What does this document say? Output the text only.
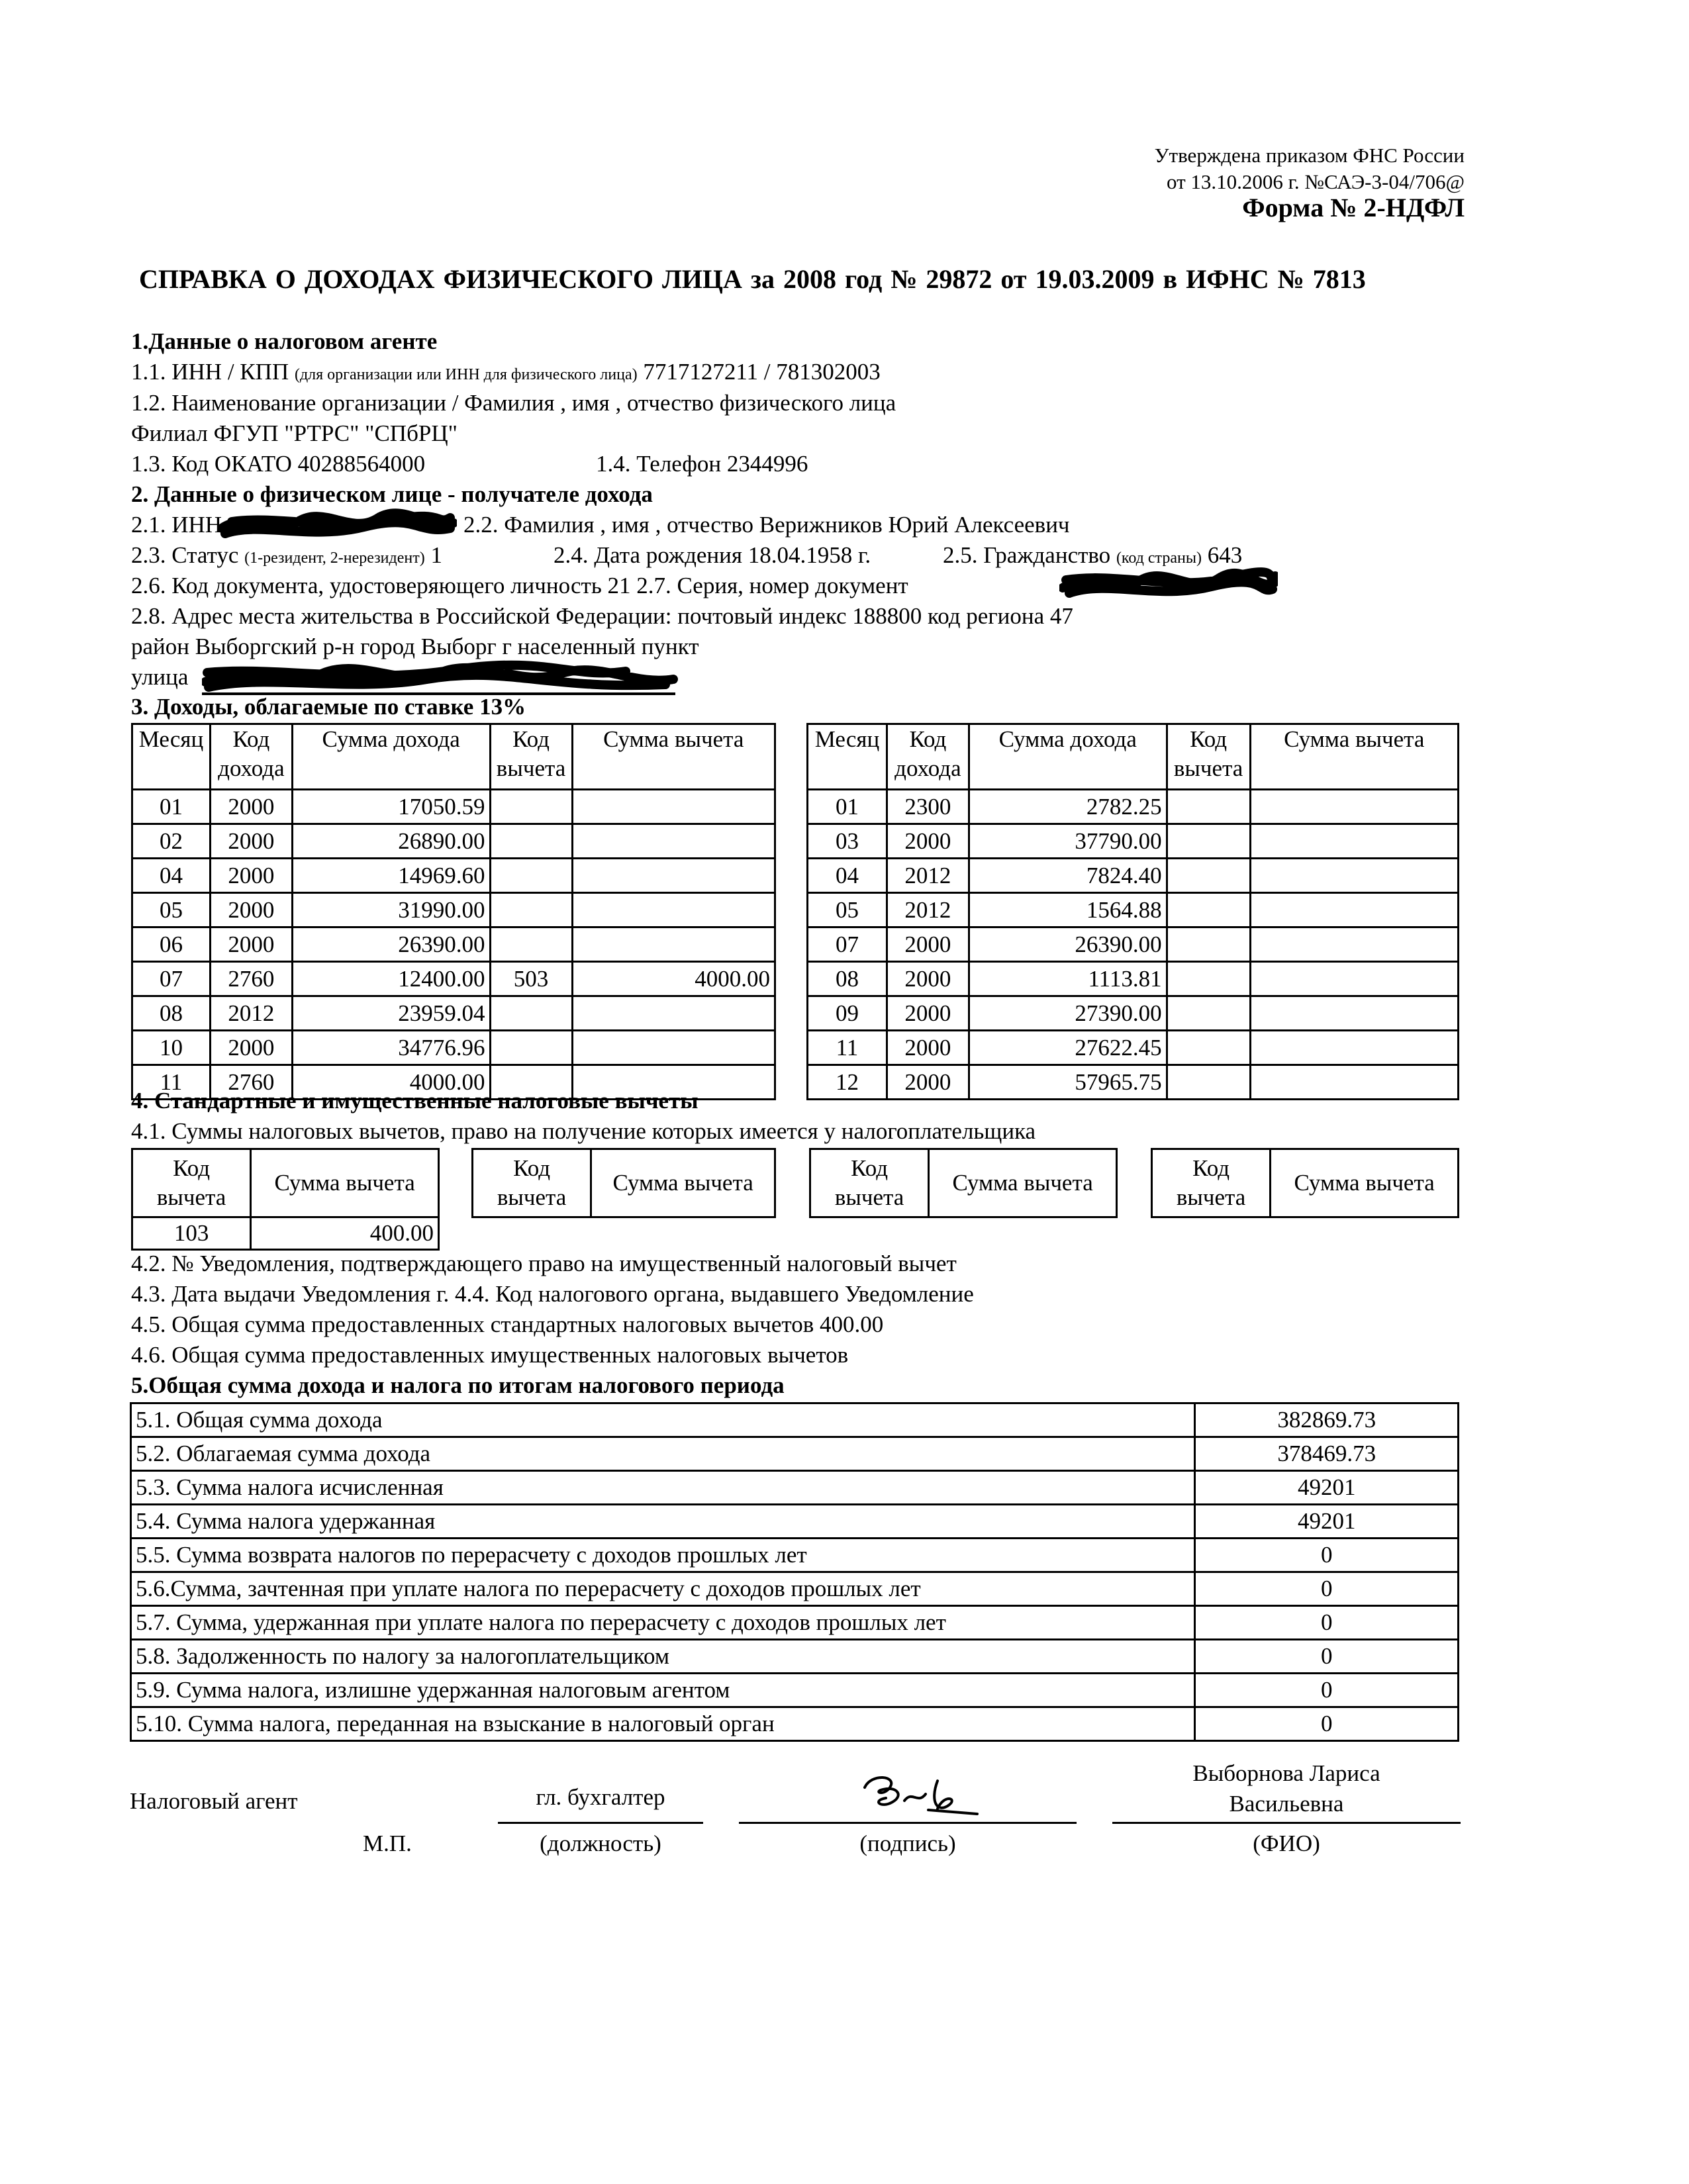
Утверждена приказом ФНС России
от 13.10.2006 г. №САЭ-3-04/706@
Форма № 2-НДФЛ
СПРАВКА О ДОХОДАХ ФИЗИЧЕСКОГО ЛИЦА за 2008 год № 29872 от 19.03.2009 в ИФНС № 7813
1.Данные о налоговом агенте
1.1. ИНН / КПП (для организации или ИНН для физического лица) 7717127211 / 781302003
1.2. Наименование организации / Фамилия , имя , отчество физического лица
Филиал ФГУП "РТРС" "СПбРЦ"
1.3. Код ОКАТО 40288564000	1.4. Телефон 2344996
2. Данные о физическом лице - получателе дохода
2.1. ИНН	2.2. Фамилия , имя , отчество Верижников Юрий Алексеевич
2.3. Статус (1-резидент, 2-нерезидент) 1	2.4. Дата рождения 18.04.1958 г.	2.5. Гражданство (код страны) 643
2.6. Код документа, удостоверяющего личность 21 2.7. Серия, номер документ
2.8. Адрес места жительства в Российской Федерации: почтовый индекс 188800 код региона 47
район Выборгский р-н город Выборг г населенный пункт
улица
3. Доходы, облагаемые по ставке 13%
Месяц	Код дохода	Сумма дохода	Код вычета	Сумма вычета
01	2000	17050.59		
02	2000	26890.00		
04	2000	14969.60		
05	2000	31990.00		
06	2000	26390.00		
07	2760	12400.00	503	4000.00
08	2012	23959.04		
10	2000	34776.96		
11	2760	4000.00		
Месяц	Код дохода	Сумма дохода	Код вычета	Сумма вычета
01	2300	2782.25		
03	2000	37790.00		
04	2012	7824.40		
05	2012	1564.88		
07	2000	26390.00		
08	2000	1113.81		
09	2000	27390.00		
11	2000	27622.45		
12	2000	57965.75		
4. Стандартные и имущественные налоговые вычеты
4.1. Суммы налоговых вычетов, право на получение которых имеется у налогоплательщика
Код вычета	Сумма вычета
103	400.00
Код вычета	Сумма вычета
Код вычета	Сумма вычета
Код вычета	Сумма вычета
4.2. № Уведомления, подтверждающего право на имущественный налоговый вычет
4.3. Дата выдачи Уведомления г. 4.4. Код налогового органа, выдавшего Уведомление
4.5. Общая сумма предоставленных стандартных налоговых вычетов 400.00
4.6. Общая сумма предоставленных имущественных налоговых вычетов
5.Общая сумма дохода и налога по итогам налогового периода
5.1. Общая сумма дохода	382869.73
5.2. Облагаемая сумма дохода	378469.73
5.3. Сумма налога исчисленная	49201
5.4. Сумма налога удержанная	49201
5.5. Сумма возврата налогов по перерасчету с доходов прошлых лет	0
5.6.Сумма, зачтенная при уплате налога по перерасчету с доходов прошлых лет	0
5.7. Сумма, удержанная при уплате налога по перерасчету с доходов прошлых лет	0
5.8. Задолженность по налогу за налогоплательщиком	0
5.9. Сумма налога, излишне удержанная налоговым агентом	0
5.10. Сумма налога, переданная на взыскание в налоговый орган	0
Налоговый агент	гл. бухгалтер
Выборнова Лариса
Васильевна
М.П.	(должность)	(подпись)	(ФИО)
